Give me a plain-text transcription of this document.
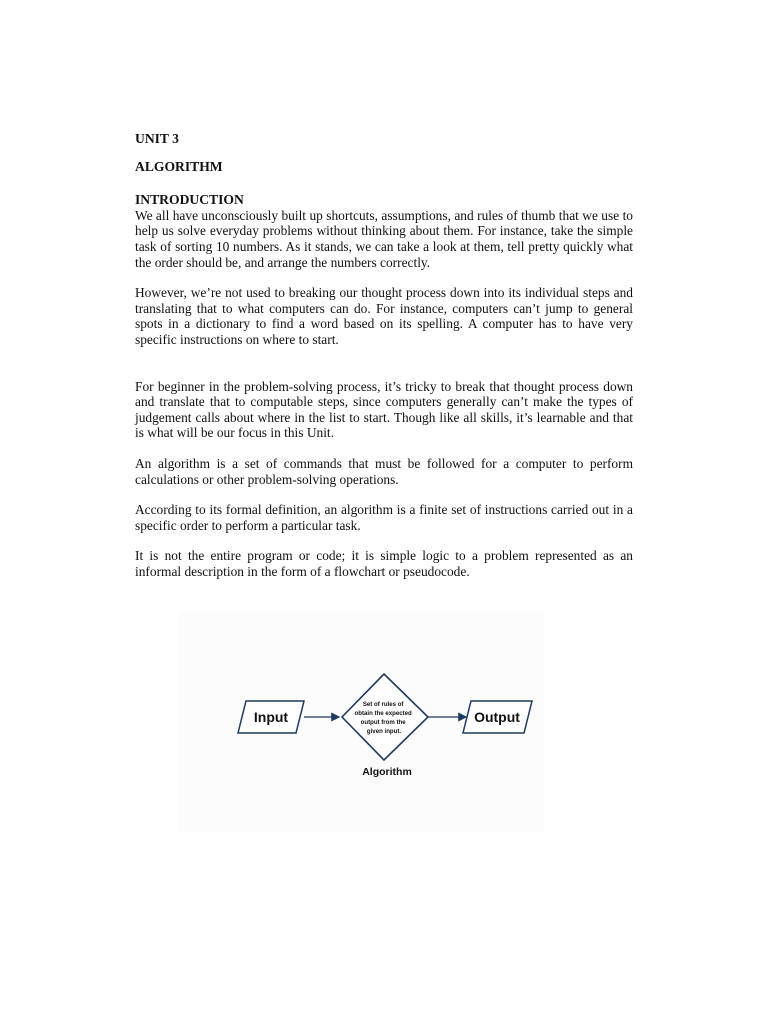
UNIT 3

ALGORITHM

INTRODUCTION

We all have unconsciously built up shortcuts, assumptions, and rules of thumb that we use to help us solve everyday problems without thinking about them. For instance, take the simple task of sorting 10 numbers. As it stands, we can take a look at them, tell pretty quickly what the order should be, and arrange the numbers correctly.

However, we’re not used to breaking our thought process down into its individual steps and translating that to what computers can do. For instance, computers can’t jump to general spots in a dictionary to find a word based on its spelling. A computer has to have very specific instructions on where to start.

For beginner in the problem-solving process, it’s tricky to break that thought process down and translate that to computable steps, since computers generally can’t make the types of judgement calls about where in the list to start. Though like all skills, it’s learnable and that is what will be our focus in this Unit.

An algorithm is a set of commands that must be followed for a computer to perform calculations or other problem-solving operations.

According to its formal definition, an algorithm is a finite set of instructions carried out in a specific order to perform a particular task.

It is not the entire program or code; it is simple logic to a problem represented as an informal description in the form of a flowchart or pseudocode.

Input
Set of rules of obtain the expected output from the given input.
Output
Algorithm
